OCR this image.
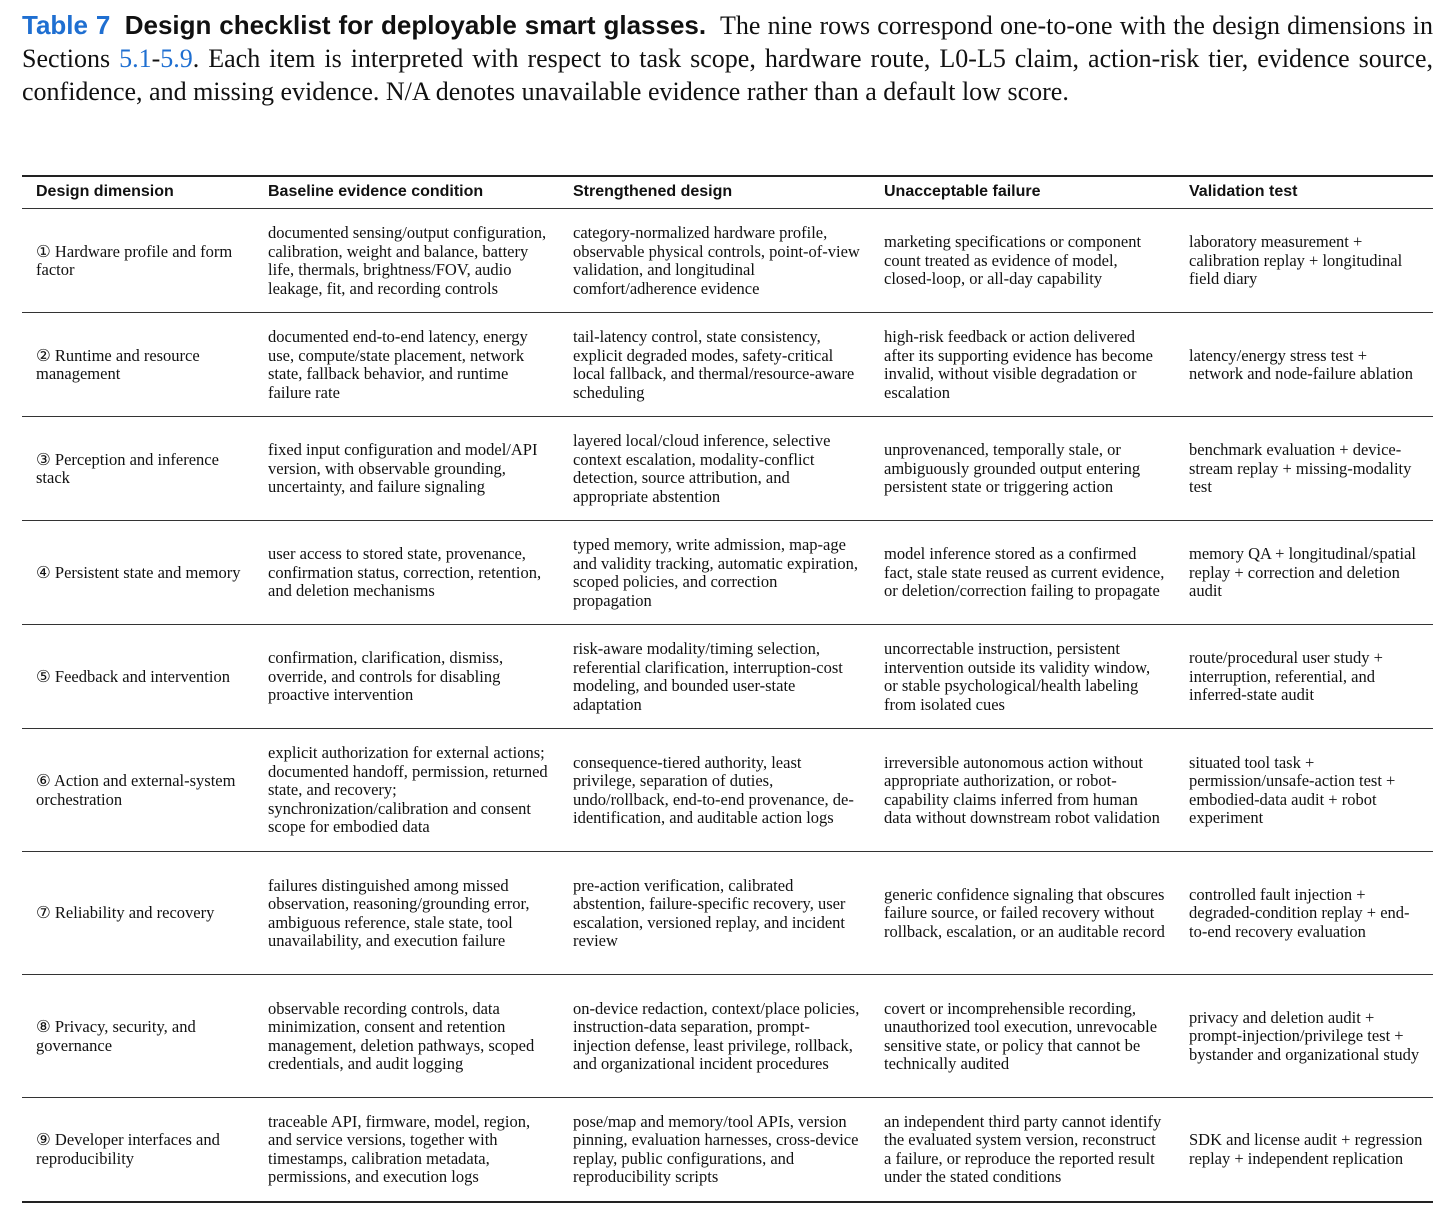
Table 7 Design checklist for deployable smart glasses. The nine rows correspond one-to-one with the design dimensions in Sections 5.1-5.9. Each item is interpreted with respect to task scope, hardware route, L0-L5 claim, action-risk tier, evidence source, confidence, and missing evidence. N/A denotes unavailable evidence rather than a default low score.
Design dimension	Baseline evidence condition	Strengthened design	Unacceptable failure	Validation test
① Hardware profile and form factor	documented sensing/output configuration, calibration, weight and balance, battery life, thermals, brightness/FOV, audio leakage, fit, and recording controls	category-normalized hardware profile, observable physical controls, point-of-view validation, and longitudinal comfort/adherence evidence	marketing specifications or component count treated as evidence of model, closed-loop, or all-day capability	laboratory measurement + calibration replay + longitudinal field diary
② Runtime and resource management	documented end-to-end latency, energy use, compute/state placement, network state, fallback behavior, and runtime failure rate	tail-latency control, state consistency, explicit degraded modes, safety-critical local fallback, and thermal/resource-aware scheduling	high-risk feedback or action delivered after its supporting evidence has become invalid, without visible degradation or escalation	latency/energy stress test + network and node-failure ablation
③ Perception and inference stack	fixed input configuration and model/API version, with observable grounding, uncertainty, and failure signaling	layered local/cloud inference, selective context escalation, modality-conflict detection, source attribution, and appropriate abstention	unprovenanced, temporally stale, or ambiguously grounded output entering persistent state or triggering action	benchmark evaluation + device-stream replay + missing-modality test
④ Persistent state and memory	user access to stored state, provenance, confirmation status, correction, retention, and deletion mechanisms	typed memory, write admission, map-age and validity tracking, automatic expiration, scoped policies, and correction propagation	model inference stored as a confirmed fact, stale state reused as current evidence, or deletion/correction failing to propagate	memory QA + longitudinal/spatial replay + correction and deletion audit
⑤ Feedback and intervention	confirmation, clarification, dismiss, override, and controls for disabling proactive intervention	risk-aware modality/timing selection, referential clarification, interruption-cost modeling, and bounded user-state adaptation	uncorrectable instruction, persistent intervention outside its validity window, or stable psychological/health labeling from isolated cues	route/procedural user study + interruption, referential, and inferred-state audit
⑥ Action and external-system orchestration	explicit authorization for external actions; documented handoff, permission, returned state, and recovery; synchronization/calibration and consent scope for embodied data	consequence-tiered authority, least privilege, separation of duties, undo/rollback, end-to-end provenance, de-identification, and auditable action logs	irreversible autonomous action without appropriate authorization, or robot-capability claims inferred from human data without downstream robot validation	situated tool task + permission/unsafe-action test + embodied-data audit + robot experiment
⑦ Reliability and recovery	failures distinguished among missed observation, reasoning/grounding error, ambiguous reference, stale state, tool unavailability, and execution failure	pre-action verification, calibrated abstention, failure-specific recovery, user escalation, versioned replay, and incident review	generic confidence signaling that obscures failure source, or failed recovery without rollback, escalation, or an auditable record	controlled fault injection + degraded-condition replay + end-to-end recovery evaluation
⑧ Privacy, security, and governance	observable recording controls, data minimization, consent and retention management, deletion pathways, scoped credentials, and audit logging	on-device redaction, context/place policies, instruction-data separation, prompt-injection defense, least privilege, rollback, and organizational incident procedures	covert or incomprehensible recording, unauthorized tool execution, unrevocable sensitive state, or policy that cannot be technically audited	privacy and deletion audit + prompt-injection/privilege test + bystander and organizational study
⑨ Developer interfaces and reproducibility	traceable API, firmware, model, region, and service versions, together with timestamps, calibration metadata, permissions, and execution logs	pose/map and memory/tool APIs, version pinning, evaluation harnesses, cross-device replay, public configurations, and reproducibility scripts	an independent third party cannot identify the evaluated system version, reconstruct a failure, or reproduce the reported result under the stated conditions	SDK and license audit + regression replay + independent replication
